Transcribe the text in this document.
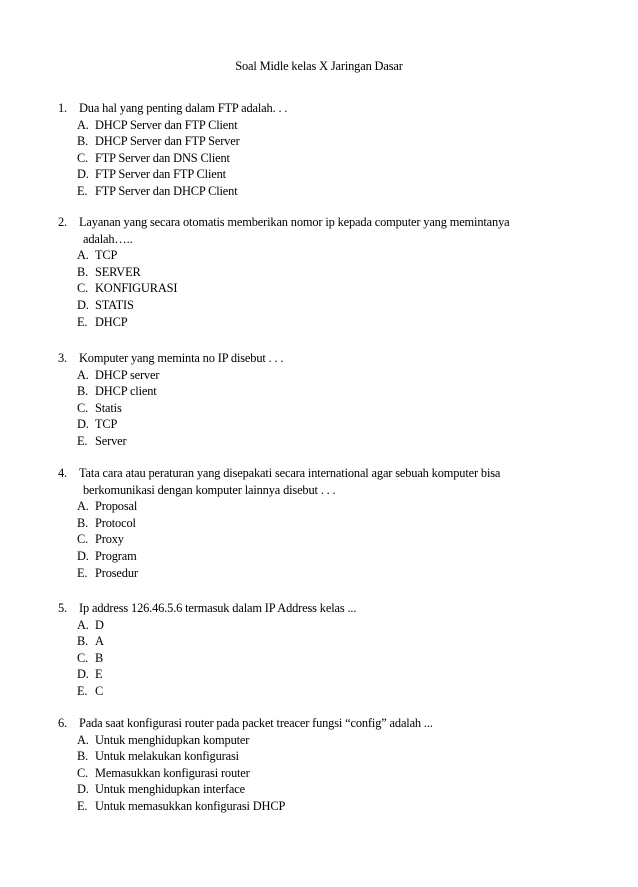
Soal Midle kelas X Jaringan Dasar
1. Dua hal yang penting dalam FTP adalah. . .
A. DHCP Server dan FTP Client
B. DHCP Server dan FTP Server
C. FTP Server dan DNS Client
D. FTP Server dan FTP Client
E. FTP Server dan DHCP Client
2. Layanan yang secara otomatis memberikan nomor ip kepada computer yang memintanya
adalah…..
A. TCP
B. SERVER
C. KONFIGURASI
D. STATIS
E. DHCP
3. Komputer yang meminta no IP disebut . . .
A. DHCP server
B. DHCP client
C. Statis
D. TCP
E. Server
4. Tata cara atau peraturan yang disepakati secara international agar sebuah komputer bisa
berkomunikasi dengan komputer lainnya disebut . . .
A. Proposal
B. Protocol
C. Proxy
D. Program
E. Prosedur
5. Ip address 126.46.5.6 termasuk dalam IP Address kelas ...
A. D
B. A
C. B
D. E
E. C
6. Pada saat konfigurasi router pada packet treacer fungsi “config” adalah ...
A. Untuk menghidupkan komputer
B. Untuk melakukan konfigurasi
C. Memasukkan konfigurasi router
D. Untuk menghidupkan interface
E. Untuk memasukkan konfigurasi DHCP
